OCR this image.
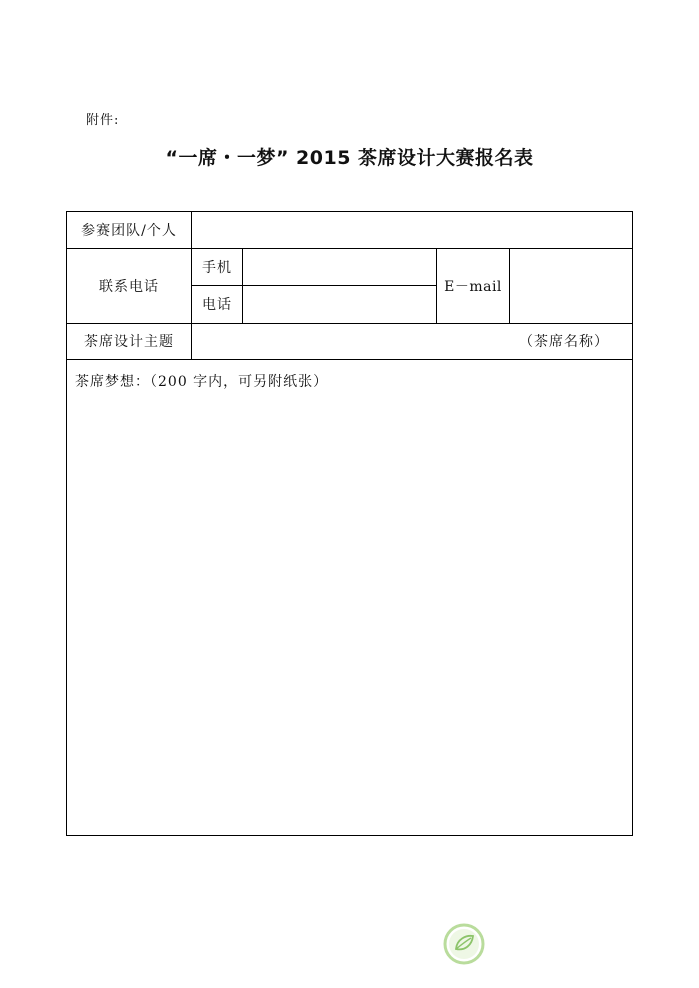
附件:
“一席・一梦” 2015 茶席设计大赛报名表
参赛团队/个人
联系电话
手机
电话
E－mail
茶席设计主题	（茶席名称）
茶席梦想：（200 字内，可另附纸张）
